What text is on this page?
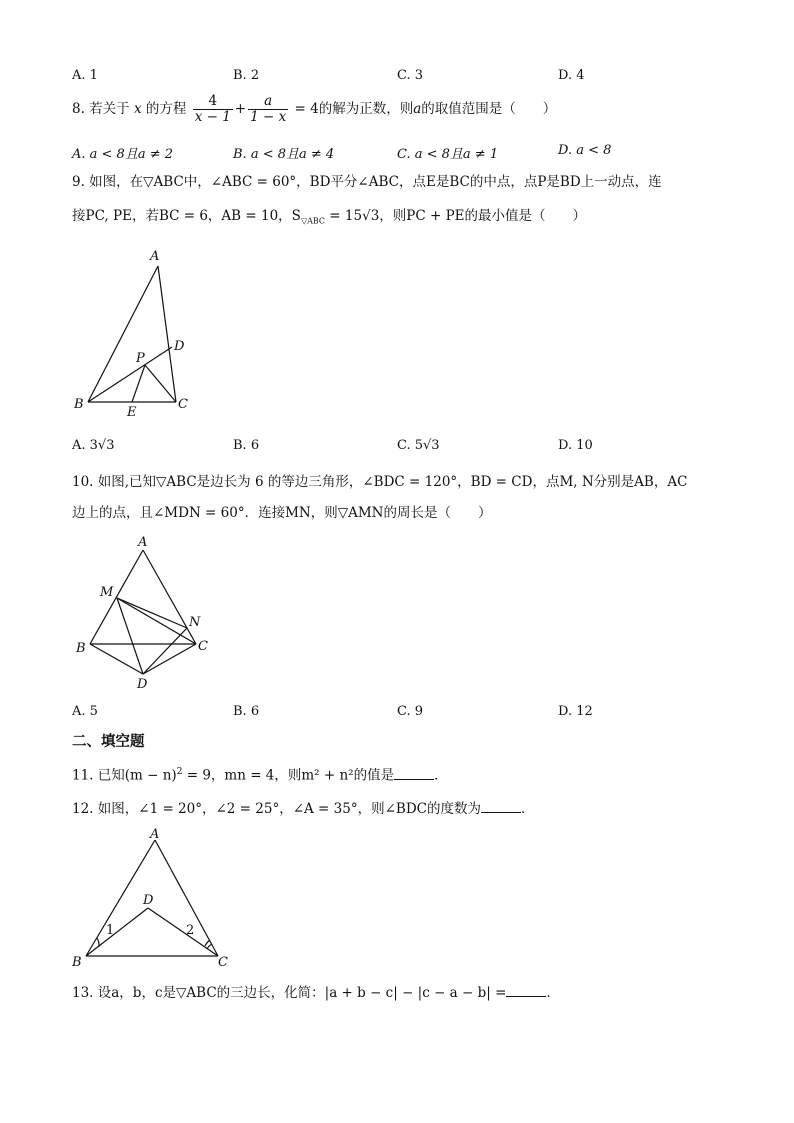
A. 1	B. 2	C. 3	D. 4
8. 若关于 x 的方程 $\frac{4}{x - 1} + \frac{a}{1 - x} = 4$的解为正数，则a的取值范围是（　　）
A. a < 8且a ≠ 2	B. a < 8且a ≠ 4	C. a < 8且a ≠ 1	D. a < 8
9. 如图，在▽ABC中，∠ABC = 60°，BD平分∠ABC，点E是BC的中点，点P是BD上一动点，连
接PC, PE，若BC = 6，AB = 10，$S_{▽ABC} = 15√3$，则PC + PE的最小值是（　　）
A
B	C
D
E
P
A. 3√3	B. 6	C. 5√3	D. 10
10. 如图,已知▽ABC是边长为 6 的等边三角形，∠BDC = 120°，BD = CD，点M, N分别是AB，AC
边上的点，且∠MDN = 60°．连接MN，则▽AMN的周长是（　　）
A
B	C
D
M
N
A. 5	B. 6	C. 9	D. 12
二、填空题
11. 已知$(m - n)^2 = 9$，mn = 4，则m² + n²的值是	．
12. 如图，∠1 = 20°，∠2 = 25°，∠A = 35°，则∠BDC的度数为	．
A
B	C
D
1	2
13. 设a，b，c是▽ABC的三边长，化简：|a + b − c| − |c − a − b| =	．
